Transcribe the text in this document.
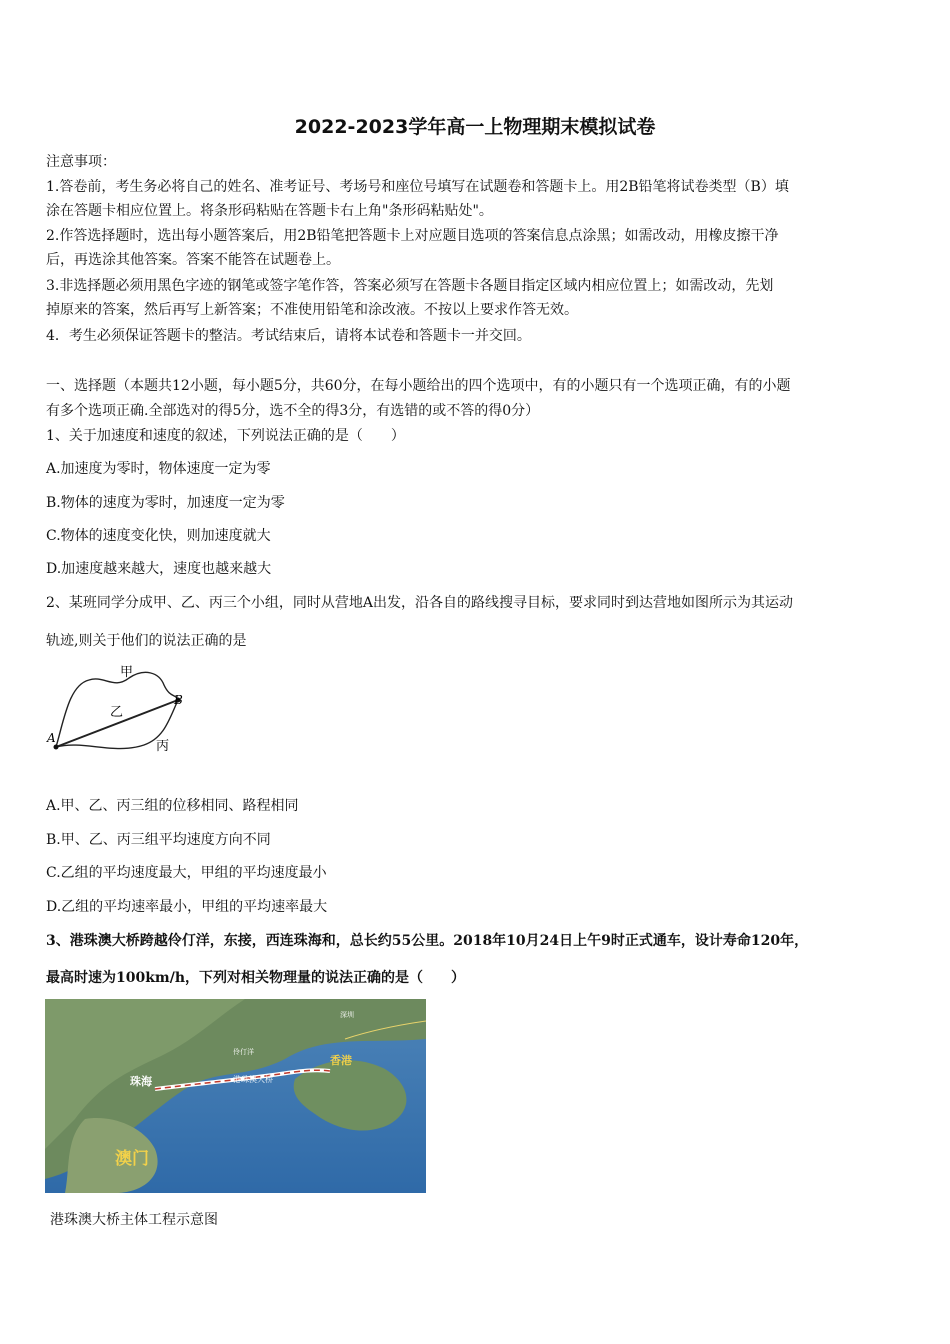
2022-2023学年高一上物理期末模拟试卷
注意事项：
1.答卷前，考生务必将自己的姓名、准考证号、考场号和座位号填写在试题卷和答题卡上。用2B铅笔将试卷类型（B）填
涂在答题卡相应位置上。将条形码粘贴在答题卡右上角"条形码粘贴处"。
2.作答选择题时，选出每小题答案后，用2B铅笔把答题卡上对应题目选项的答案信息点涂黑；如需改动，用橡皮擦干净
后，再选涂其他答案。答案不能答在试题卷上。
3.非选择题必须用黑色字迹的钢笔或签字笔作答，答案必须写在答题卡各题目指定区域内相应位置上；如需改动，先划
掉原来的答案，然后再写上新答案；不准使用铅笔和涂改液。不按以上要求作答无效。
4．考生必须保证答题卡的整洁。考试结束后，请将本试卷和答题卡一并交回。
一、选择题（本题共12小题，每小题5分，共60分，在每小题给出的四个选项中，有的小题只有一个选项正确，有的小题
有多个选项正确.全部选对的得5分，选不全的得3分，有选错的或不答的得0分）
1、关于加速度和速度的叙述，下列说法正确的是（　　）
A.加速度为零时，物体速度一定为零
B.物体的速度为零时，加速度一定为零
C.物体的速度变化快，则加速度就大
D.加速度越来越大，速度也越来越大
2、某班同学分成甲、乙、丙三个小组，同时从营地A出发，沿各自的路线搜寻目标，要求同时到达营地如图所示为其运动
轨迹,则关于他们的说法正确的是
甲
乙
丙
A
B
A.甲、乙、丙三组的位移相同、路程相同
B.甲、乙、丙三组平均速度方向不同
C.乙组的平均速度最大，甲组的平均速度最小
D.乙组的平均速率最小，甲组的平均速率最大
3、港珠澳大桥跨越伶仃洋，东接，西连珠海和，总长约55公里。2018年10月24日上午9时正式通车，设计寿命120年，
最高时速为100km/h，下列对相关物理量的说法正确的是（　　）
珠海
澳门
香港
伶仃洋
港珠澳大桥
深圳
港珠澳大桥主体工程示意图
